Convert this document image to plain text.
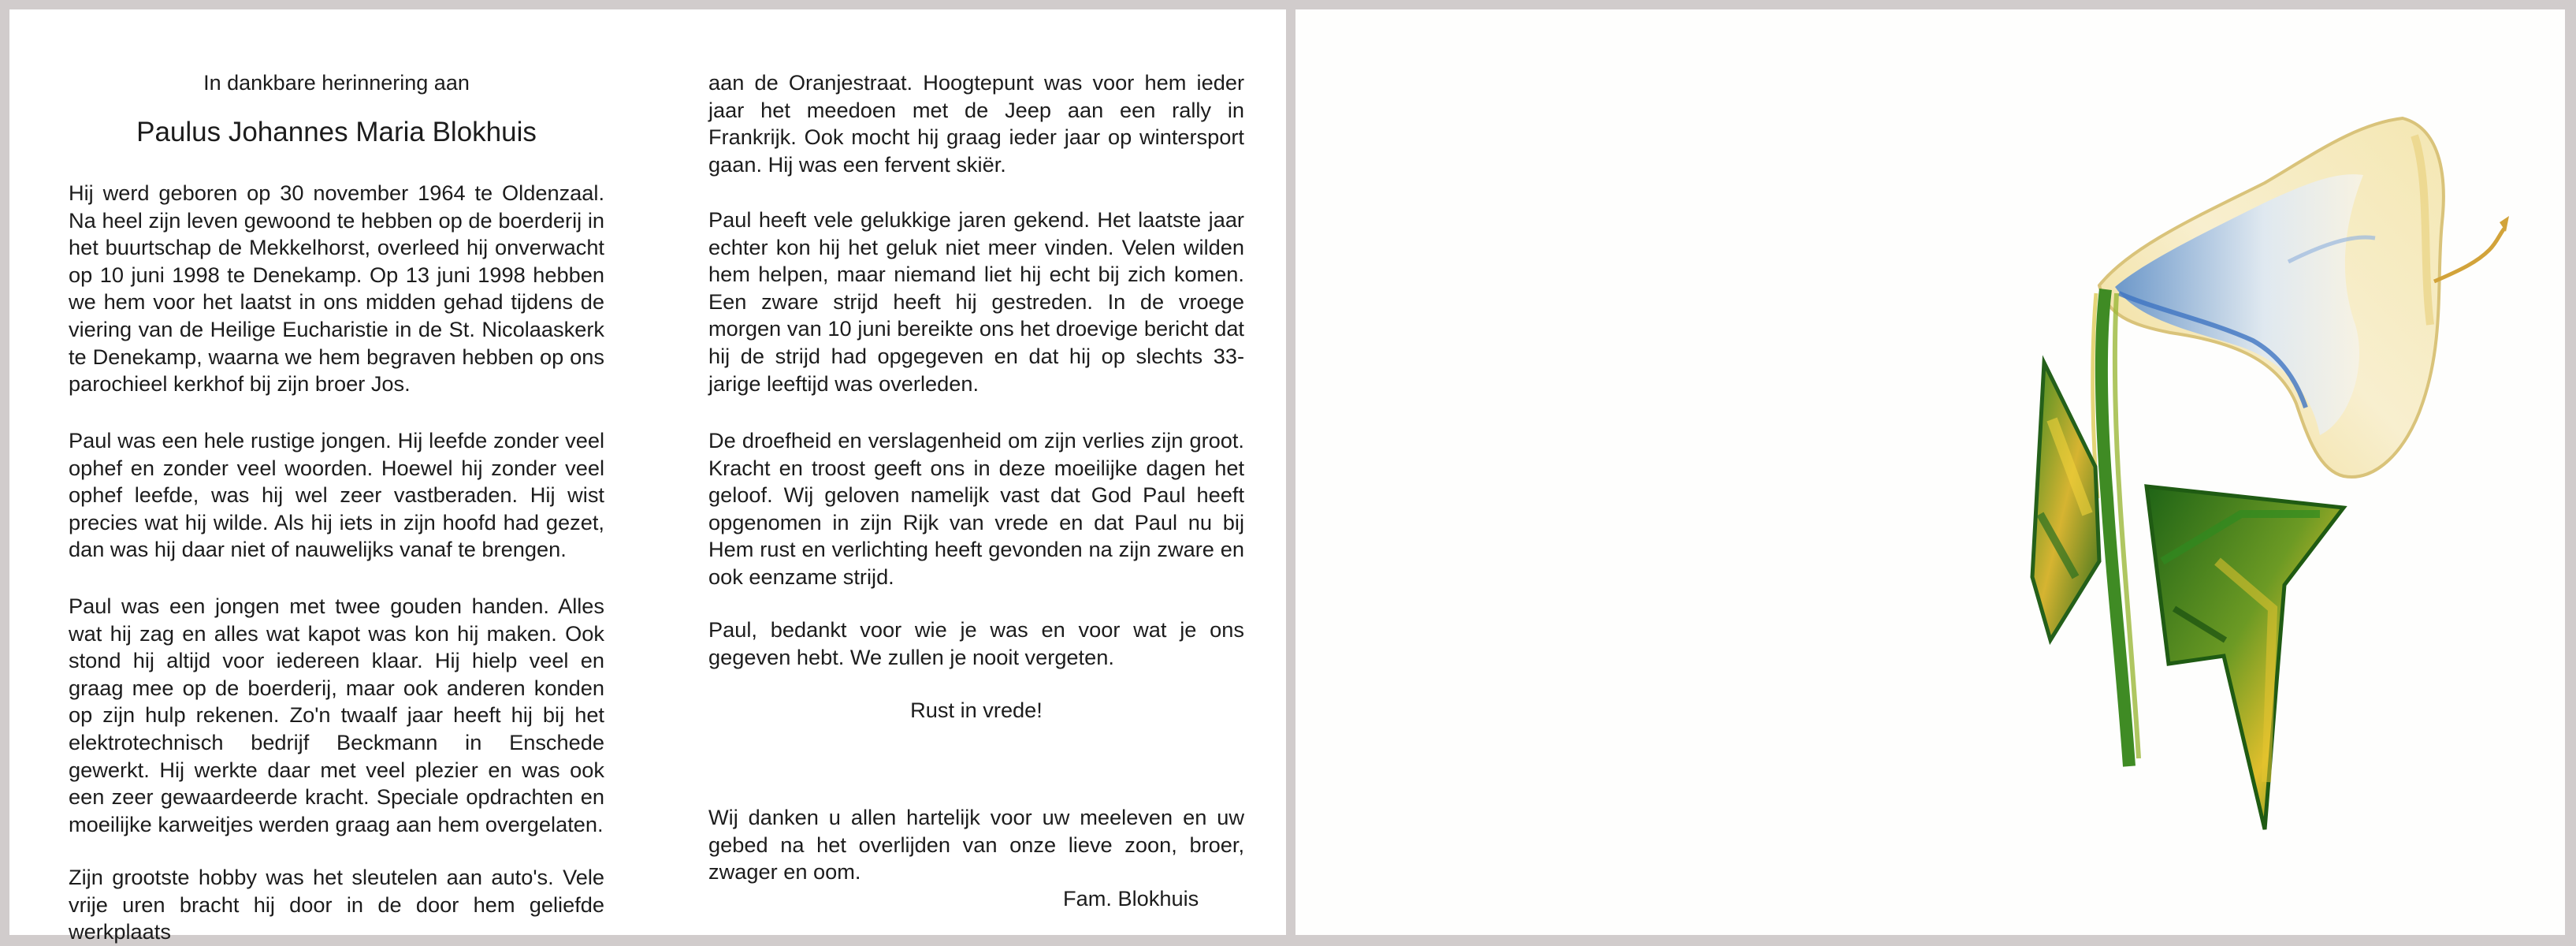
In dankbare herinnering aan
Paulus Johannes Maria Blokhuis

Hij werd geboren op 30 november 1964 te Oldenzaal. Na heel zijn leven gewoond te hebben op de boerderij in het buurtschap de Mekkelhorst, overleed hij onverwacht op 10 juni 1998 te Denekamp. Op 13 juni 1998 hebben we hem voor het laatst in ons midden gehad tijdens de viering van de Heilige Eucharistie in de St. Nicolaaskerk te Denekamp, waarna we hem begraven hebben op ons parochieel kerkhof bij zijn broer Jos.

Paul was een hele rustige jongen. Hij leefde zonder veel ophef en zonder veel woorden. Hoewel hij zonder veel ophef leefde, was hij wel zeer vastberaden. Hij wist precies wat hij wilde. Als hij iets in zijn hoofd had gezet, dan was hij daar niet of nauwelijks vanaf te brengen.

Paul was een jongen met twee gouden handen. Alles wat hij zag en alles wat kapot was kon hij maken. Ook stond hij altijd voor iedereen klaar. Hij hielp veel en graag mee op de boerderij, maar ook anderen konden op zijn hulp rekenen. Zo'n twaalf jaar heeft hij bij het elektrotechnisch bedrijf Beckmann in Enschede gewerkt. Hij werkte daar met veel plezier en was ook een zeer gewaardeerde kracht. Speciale opdrachten en moeilijke karweitjes werden graag aan hem overgelaten.

Zijn grootste hobby was het sleutelen aan auto's. Vele vrije uren bracht hij door in de door hem geliefde werkplaats

aan de Oranjestraat. Hoogtepunt was voor hem ieder jaar het meedoen met de Jeep aan een rally in Frankrijk. Ook mocht hij graag ieder jaar op wintersport gaan. Hij was een fervent skiër.

Paul heeft vele gelukkige jaren gekend. Het laatste jaar echter kon hij het geluk niet meer vinden. Velen wilden hem helpen, maar niemand liet hij echt bij zich komen. Een zware strijd heeft hij gestreden. In de vroege morgen van 10 juni bereikte ons het droevige bericht dat hij de strijd had opgegeven en dat hij op slechts 33-jarige leeftijd was overleden.

De droefheid en verslagenheid om zijn verlies zijn groot. Kracht en troost geeft ons in deze moeilijke dagen het geloof. Wij geloven namelijk vast dat God Paul heeft opgenomen in zijn Rijk van vrede en dat Paul nu bij Hem rust en verlichting heeft gevonden na zijn zware en ook eenzame strijd.

Paul, bedankt voor wie je was en voor wat je ons gegeven hebt. We zullen je nooit vergeten.

Rust in vrede!

Wij danken u allen hartelijk voor uw meeleven en uw gebed na het overlijden van onze lieve zoon, broer, zwager en oom.

Fam. Blokhuis
